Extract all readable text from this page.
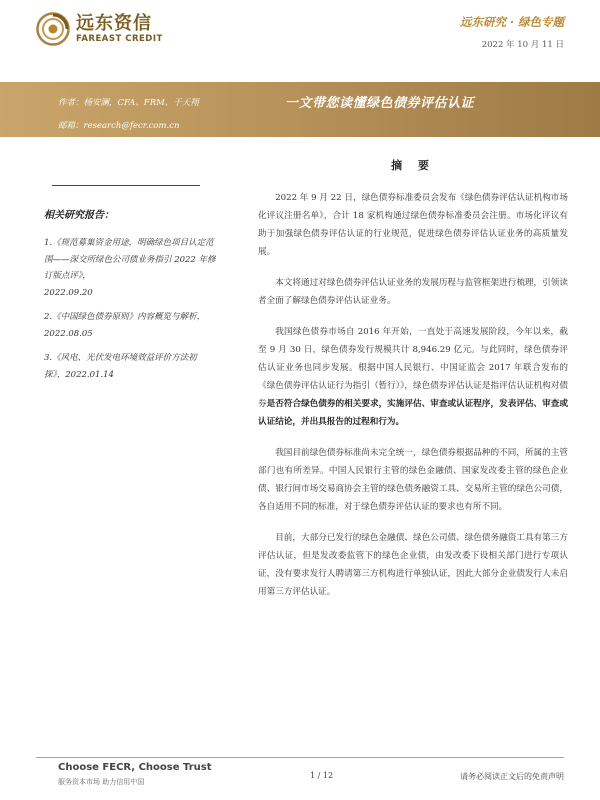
远东资信
FAREAST CREDIT
远东研究 · 绿色专题
2022 年 10 月 11 日
作者：杨安澜，CFA、FRM、于天翔
邮箱：research@fecr.com.cn
一文带您读懂绿色债券评估认证
相关研究报告：
1.《规范募集资金用途，明确绿色项目认定范围——深交所绿色公司债业务指引 2022 年修订版点评》，
2022.09.20
2.《中国绿色债券原则》内容概览与解析，2022.08.05
3.《风电、光伏发电环境效益评价方法初探》，2022.01.14
摘 要

2022 年 9 月 22 日，绿色债券标准委员会发布《绿色债券评估认证机构市场化评议注册名单》，合计 18 家机构通过绿色债券标准委员会注册。市场化评议有助于加强绿色债券评估认证的行业规范，促进绿色债券评估认证业务的高质量发展。

本文将通过对绿色债券评估认证业务的发展历程与监管框架进行梳理，引领读者全面了解绿色债券评估认证业务。

我国绿色债券市场自 2016 年开始，一直处于高速发展阶段，今年以来，截至 9 月 30 日，绿色债券发行规模共计 8,946.29 亿元。与此同时，绿色债券评估认证业务也同步发展。根据中国人民银行、中国证监会 2017 年联合发布的《绿色债券评估认证行为指引（暂行）》，绿色债券评估认证是指评估认证机构对债券是否符合绿色债券的相关要求，实施评估、审查或认证程序，发表评估、审查或认证结论，并出具报告的过程和行为。

我国目前绿色债券标准尚未完全统一，绿色债券根据品种的不同，所属的主管部门也有所差异。中国人民银行主管的绿色金融债、国家发改委主管的绿色企业债、银行间市场交易商协会主管的绿色债务融资工具、交易所主管的绿色公司债，各自适用不同的标准，对于绿色债券评估认证的要求也有所不同。

目前，大部分已发行的绿色金融债、绿色公司债、绿色债务融资工具有第三方评估认证，但是发改委监管下的绿色企业债，由发改委下设相关部门进行专项认证，没有要求发行人聘请第三方机构进行单独认证，因此大部分企业债发行人未启用第三方评估认证。

Choose FECR, Choose Trust
服务资本市场 助力信用中国
1 / 12	请务必阅读正文后的免责声明
